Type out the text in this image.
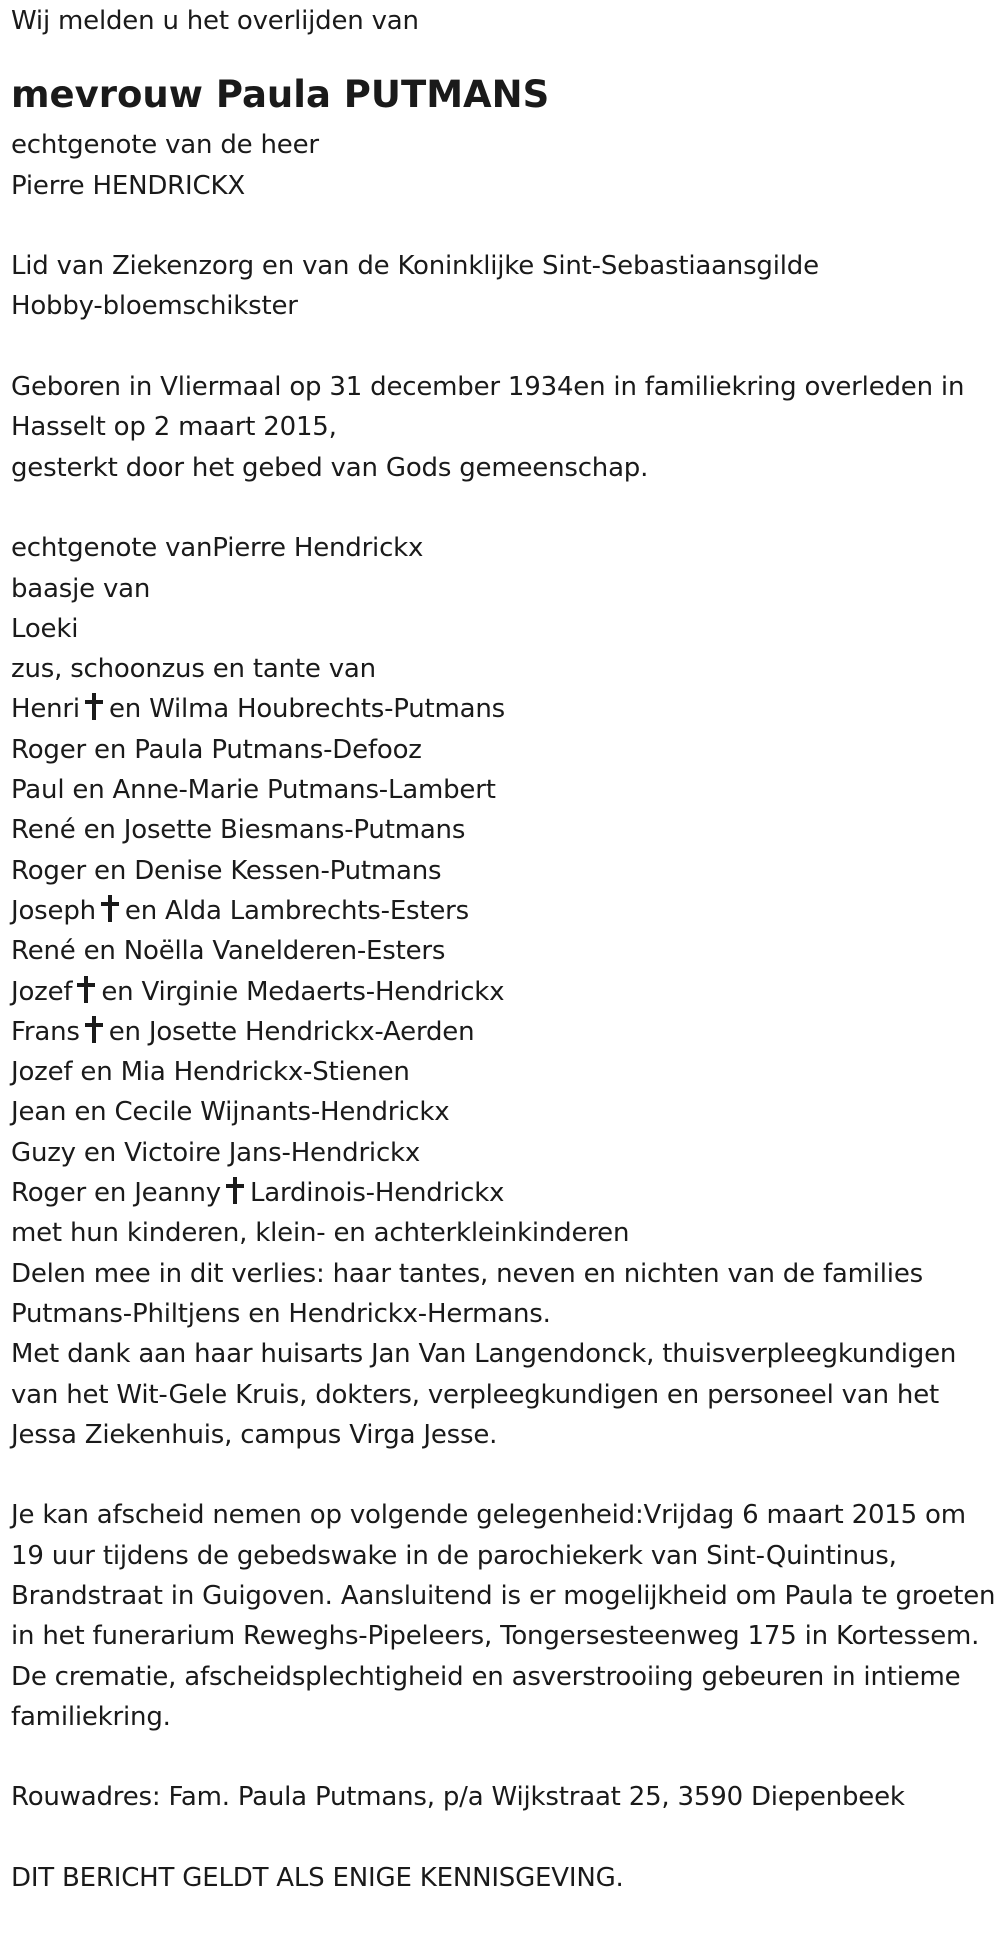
Wij melden u het overlijden van
mevrouw Paula PUTMANS
echtgenote van de heer
Pierre HENDRICKX
Lid van Ziekenzorg en van de Koninklijke Sint-Sebastiaansgilde
Hobby-bloemschikster
Geboren in Vliermaal op 31 december 1934en in familiekring overleden in Hasselt op 2 maart 2015,
gesterkt door het gebed van Gods gemeenschap.
echtgenote vanPierre Hendrickx
baasje van
Loeki
zus, schoonzus en tante van
Henri en Wilma Houbrechts-Putmans
Roger en Paula Putmans-Defooz
Paul en Anne-Marie Putmans-Lambert
René en Josette Biesmans-Putmans
Roger en Denise Kessen-Putmans
Joseph en Alda Lambrechts-Esters
René en Noëlla Vanelderen-Esters
Jozef en Virginie Medaerts-Hendrickx
Frans en Josette Hendrickx-Aerden
Jozef en Mia Hendrickx-Stienen
Jean en Cecile Wijnants-Hendrickx
Guzy en Victoire Jans-Hendrickx
Roger en Jeanny Lardinois-Hendrickx
met hun kinderen, klein- en achterkleinkinderen
Delen mee in dit verlies: haar tantes, neven en nichten van de families Putmans-Philtjens en Hendrickx-Hermans.
Met dank aan haar huisarts Jan Van Langendonck, thuisverpleegkundigen van het Wit-Gele Kruis, dokters, verpleegkundigen en personeel van het Jessa Ziekenhuis, campus Virga Jesse.
Je kan afscheid nemen op volgende gelegenheid:Vrijdag 6 maart 2015 om 19 uur tijdens de gebedswake in de parochiekerk van Sint-Quintinus, Brandstraat in Guigoven. Aansluitend is er mogelijkheid om Paula te groeten in het funerarium Reweghs-Pipeleers, Tongersesteenweg 175 in Kortessem.
De crematie, afscheidsplechtigheid en asverstrooiing gebeuren in intieme familiekring.
Rouwadres: Fam. Paula Putmans, p/a Wijkstraat 25, 3590 Diepenbeek
DIT BERICHT GELDT ALS ENIGE KENNISGEVING.
